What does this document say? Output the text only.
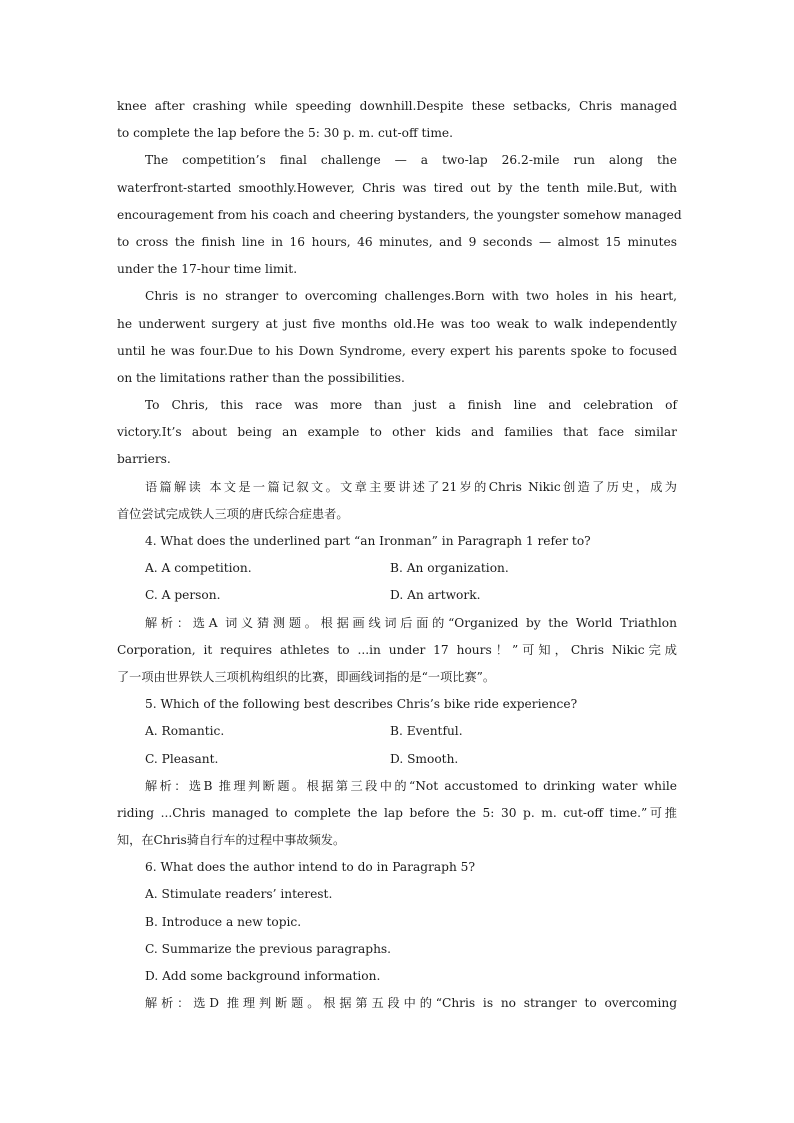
knee after crashing while speeding downhill.Despite these setbacks, Chris managed
to complete the lap before the 5: 30 p. m. cut-off time.
The competition’s final challenge — a two-lap 26.2-mile run along the
waterfront-started smoothly.However, Chris was tired out by the tenth mile.But, with
encouragement from his coach and cheering bystanders, the youngster somehow managed
to cross the finish line in 16 hours, 46 minutes, and 9 seconds — almost 15 minutes
under the 17-hour time limit.
Chris is no stranger to overcoming challenges.Born with two holes in his heart,
he underwent surgery at just five months old.He was too weak to walk independently
until he was four.Due to his Down Syndrome, every expert his parents spoke to focused
on the limitations rather than the possibilities.
To Chris, this race was more than just a finish line and celebration of
victory.It’s about being an example to other kids and families that face similar
barriers.
语篇解读 本文是一篇记叙文。文章主要讲述了21岁的Chris Nikic创造了历史，成为
首位尝试完成铁人三项的唐氏综合症患者。
4. What does the underlined part “an Ironman” in Paragraph 1 refer to?
A. A competition.	B. An organization.
C. A person.	D. An artwork.
解析：选A 词义猜测题。根据画线词后面的“Organized by the World Triathlon
Corporation, it requires athletes to ...in under 17 hours！”可知，Chris Nikic完成
了一项由世界铁人三项机构组织的比赛，即画线词指的是“一项比赛”。
5. Which of the following best describes Chris’s bike ride experience?
A. Romantic.	B. Eventful.
C. Pleasant.	D. Smooth.
解析：选B 推理判断题。根据第三段中的“Not accustomed to drinking water while
riding ...Chris managed to complete the lap before the 5: 30 p. m. cut-off time.”可推
知，在Chris骑自行车的过程中事故频发。
6. What does the author intend to do in Paragraph 5?
A. Stimulate readers’ interest.
B. Introduce a new topic.
C. Summarize the previous paragraphs.
D. Add some background information.
解析：选D 推理判断题。根据第五段中的“Chris is no stranger to overcoming
